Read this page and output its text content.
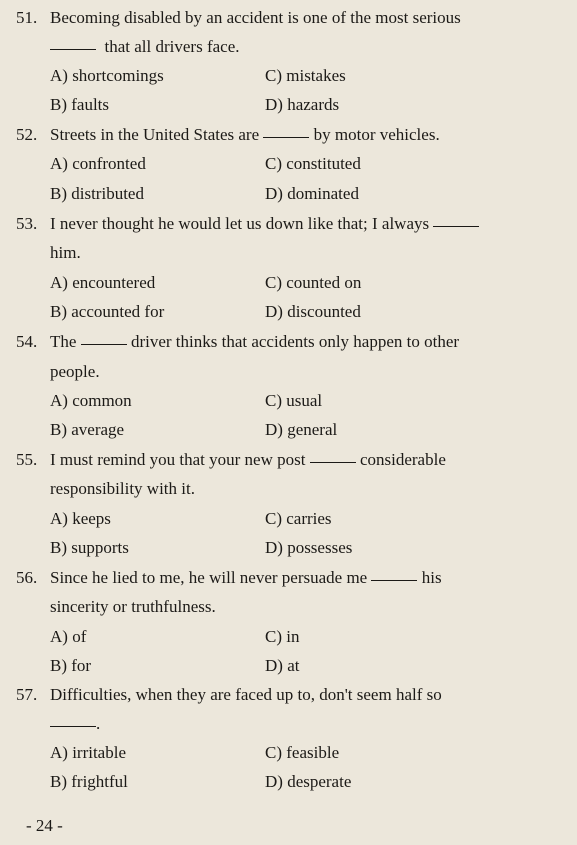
51. Becoming disabled by an accident is one of the most serious
that all drivers face.
A) shortcomings	C) mistakes
B) faults	D) hazards
52. Streets in the United States are	by motor vehicles.
A) confronted	C) constituted
B) distributed	D) dominated
53. I never thought he would let us down like that; I always
him.
A) encountered	C) counted on
B) accounted for	D) discounted
54. The	driver thinks that accidents only happen to other
people.
A) common	C) usual
B) average	D) general
55. I must remind you that your new post	considerable
responsibility with it.
A) keeps	C) carries
B) supports	D) possesses
56. Since he lied to me, he will never persuade me	his
sincerity or truthfulness.
A) of	C) in
B) for	D) at
57. Difficulties, when they are faced up to, don't seem half so
.
A) irritable	C) feasible
B) frightful	D) desperate
- 24 -
